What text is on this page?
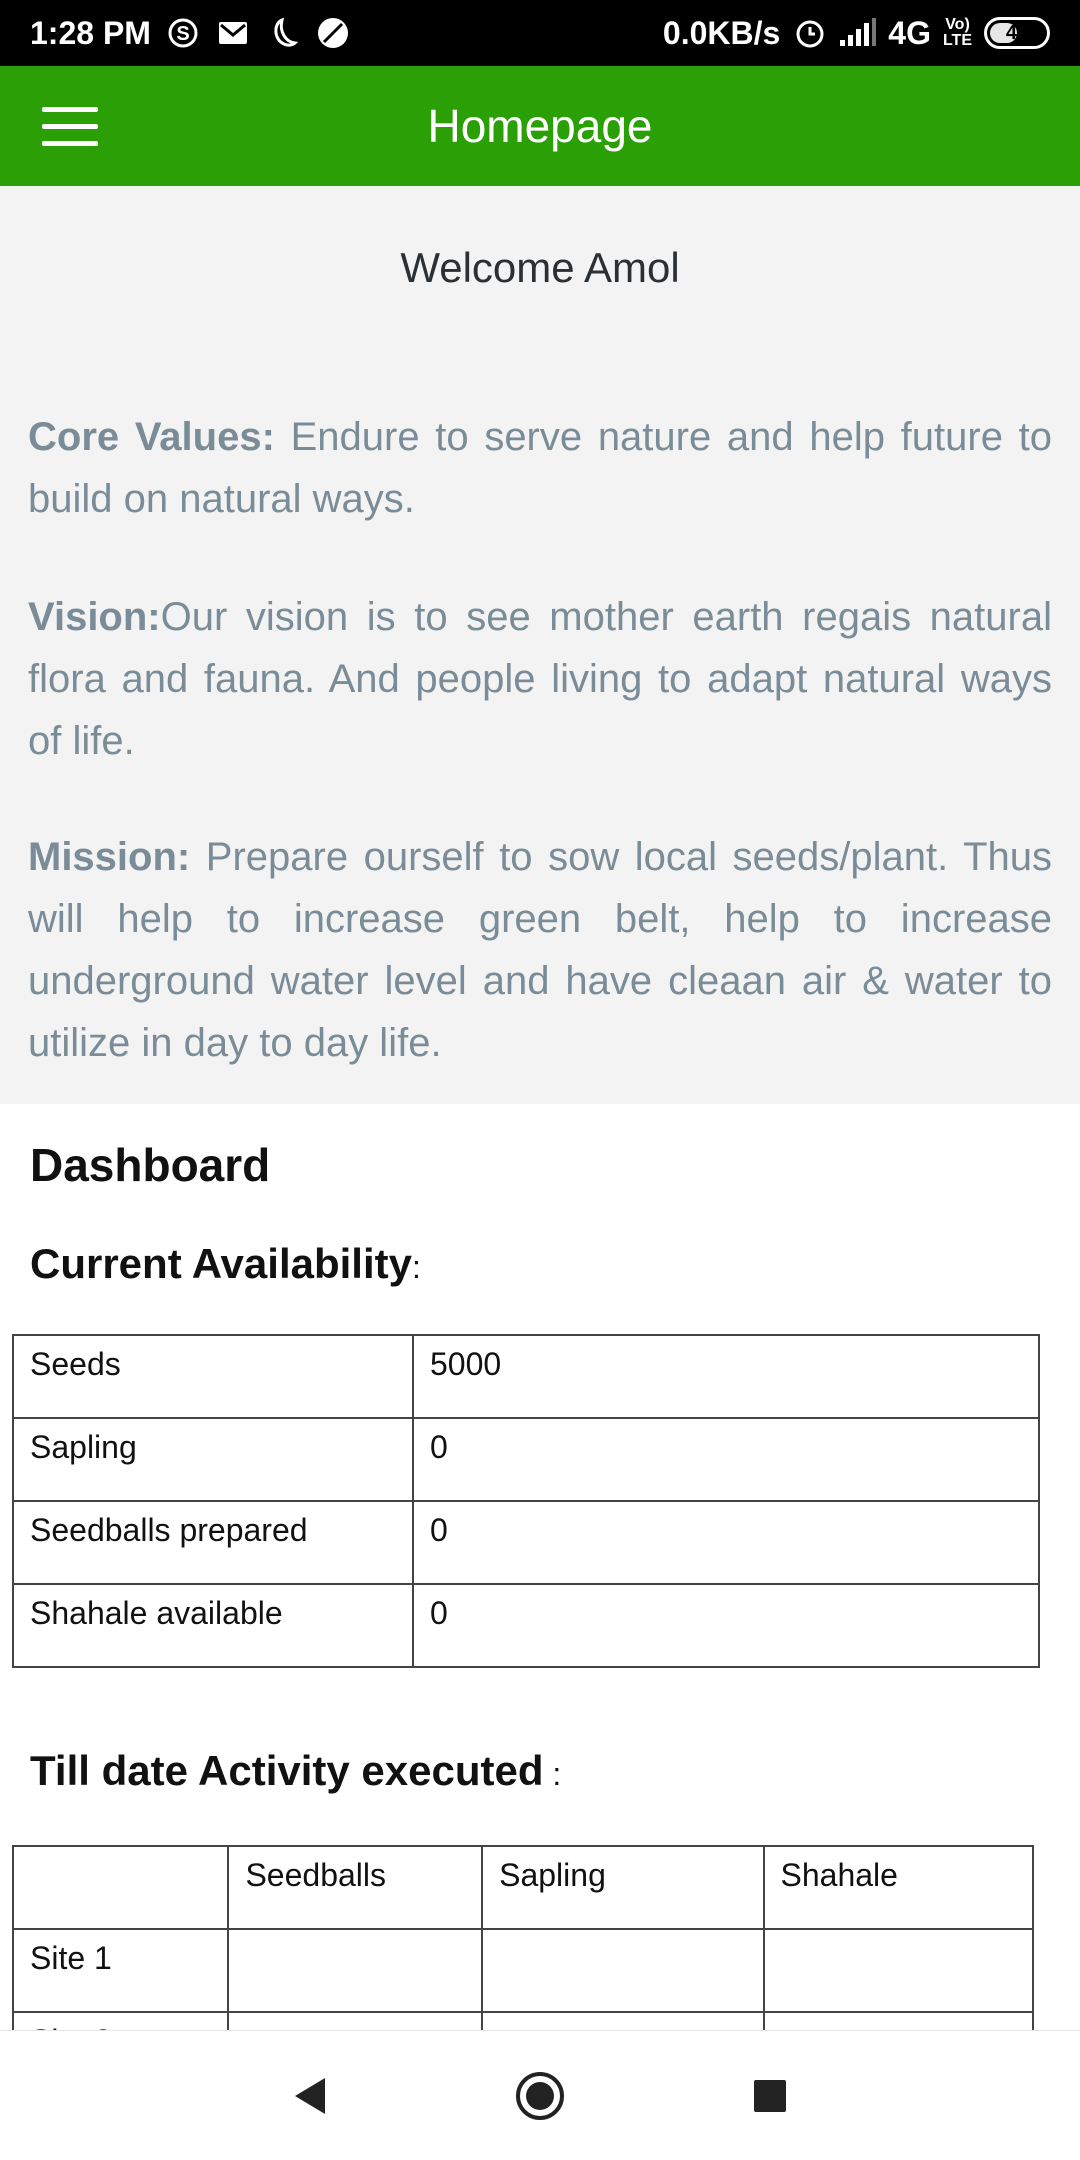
1:28 PM S	0.0KB/s	4G Vo)
LTE 46
Homepage
Welcome Amol
Core Values: Endure to serve nature and help future to build on natural ways.
Vision:Our vision is to see mother earth regais natural flora and fauna. And people living to adapt natural ways of life.
Mission: Prepare ourself to sow local seeds/plant. Thus will help to increase green belt, help to increase underground water level and have cleaan air & water to utilize in day to day life.
Dashboard
Current Availability:
Seeds	5000
Sapling	0
Seedballs prepared	0
Shahale available	0
Till date Activity executed :
	Seedballs	Sapling	Shahale
Site 1			
